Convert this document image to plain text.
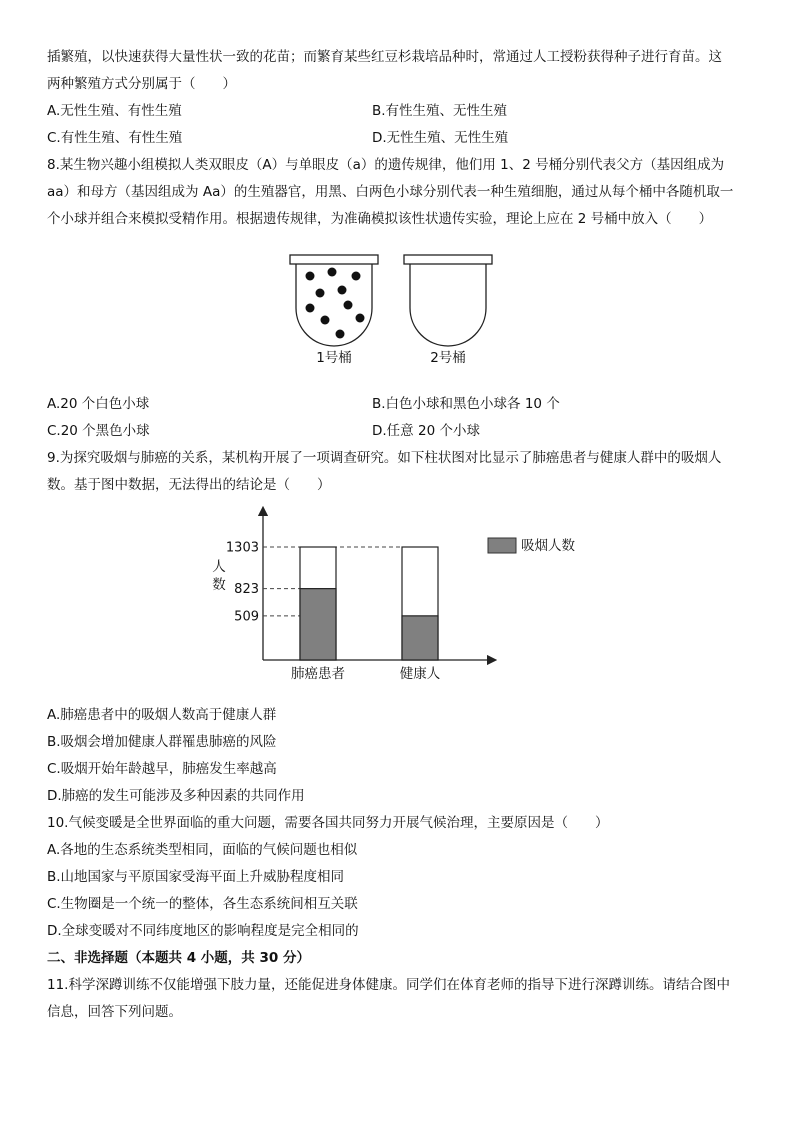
插繁殖，以快速获得大量性状一致的花苗；而繁育某些红豆杉栽培品种时，常通过人工授粉获得种子进行育苗。这
两种繁殖方式分别属于（　　）
A.无性生殖、有性生殖	B.有性生殖、无性生殖
C.有性生殖、有性生殖	D.无性生殖、无性生殖
8.某生物兴趣小组模拟人类双眼皮（A）与单眼皮（a）的遗传规律，他们用 1、2 号桶分别代表父方（基因组成为
aa）和母方（基因组成为 Aa）的生殖器官，用黑、白两色小球分别代表一种生殖细胞，通过从每个桶中各随机取一
个小球并组合来模拟受精作用。根据遗传规律，为准确模拟该性状遗传实验，理论上应在 2 号桶中放入（　　）
1号桶	2号桶
A.20 个白色小球	B.白色小球和黑色小球各 10 个
C.20 个黑色小球	D.任意 20 个小球
9.为探究吸烟与肺癌的关系，某机构开展了一项调查研究。如下柱状图对比显示了肺癌患者与健康人群中的吸烟人
数。基于图中数据，无法得出的结论是（　　）
509
823
1303
肺癌患者	健康人
人
数
吸烟人数
A.肺癌患者中的吸烟人数高于健康人群
B.吸烟会增加健康人群罹患肺癌的风险
C.吸烟开始年龄越早，肺癌发生率越高
D.肺癌的发生可能涉及多种因素的共同作用
10.气候变暖是全世界面临的重大问题，需要各国共同努力开展气候治理，主要原因是（　　）
A.各地的生态系统类型相同，面临的气候问题也相似
B.山地国家与平原国家受海平面上升威胁程度相同
C.生物圈是一个统一的整体，各生态系统间相互关联
D.全球变暖对不同纬度地区的影响程度是完全相同的
二、非选择题（本题共 4 小题，共 30 分）
11.科学深蹲训练不仅能增强下肢力量，还能促进身体健康。同学们在体育老师的指导下进行深蹲训练。请结合图中
信息，回答下列问题。
